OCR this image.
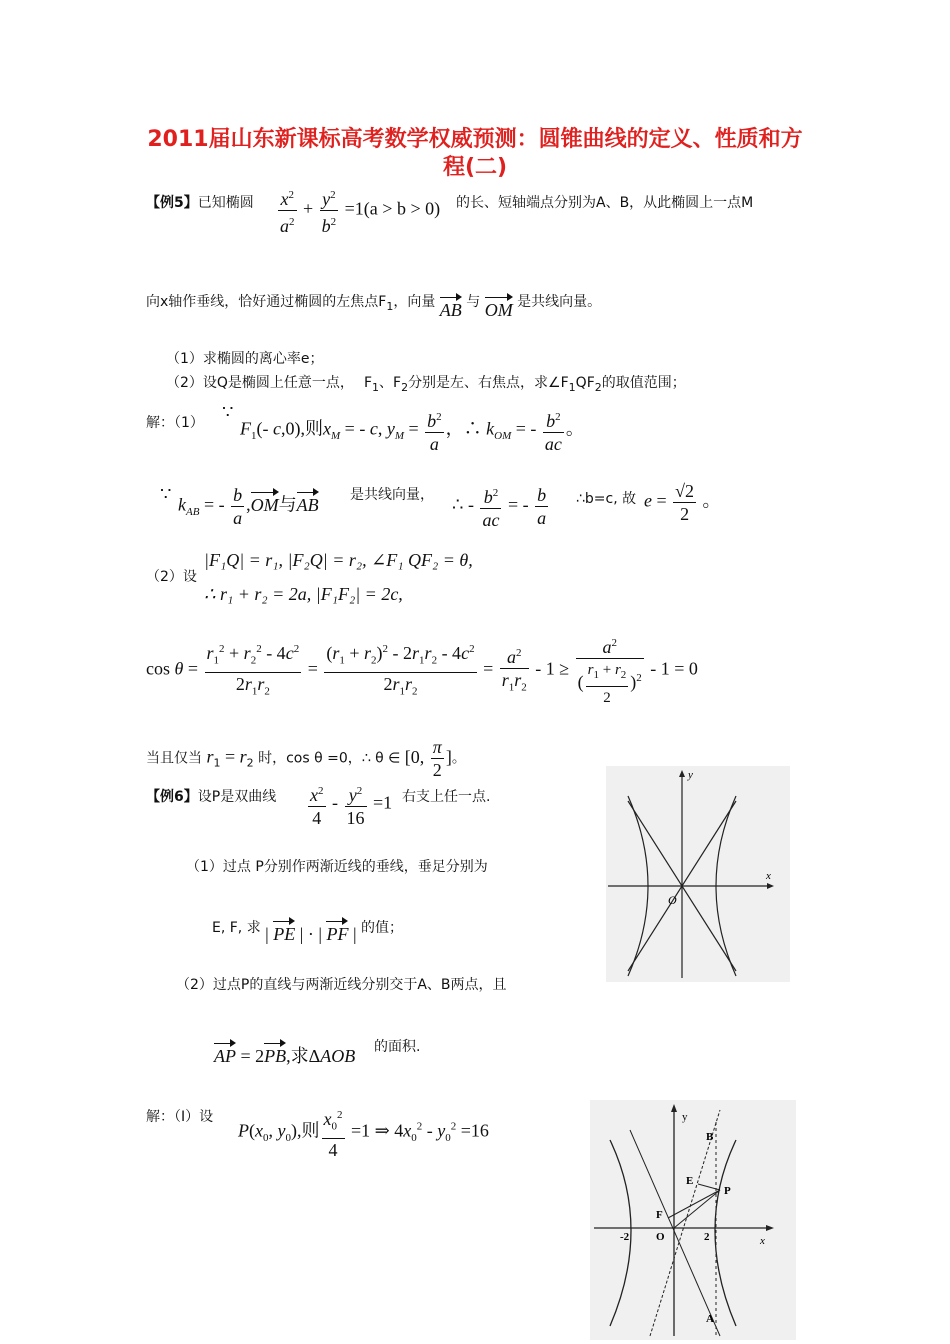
2011届山东新课标高考数学权威预测：圆锥曲线的定义、性质和方
程(二)
【例5】已知椭圆 $\frac{x^2}{a^2} + \frac{y^2}{b^2} =1(a > b > 0)$ 的长、短轴端点分别为A、B，从此椭圆上一点M
向x轴作垂线，恰好通过椭圆的左焦点$F_1$，向量 AB 与 OM 是共线向量。
（1）求椭圆的离心率e；
（2）设Q是椭圆上任意一点， $F_1$、$F_2$分别是左、右焦点，求$\angle F_1QF_2$的取值范围；
解：（1）
∵
$F_1(-$ c,0),则$x_M$ = - c, $y_M = \frac{b^2}{a}$ ，∴ $k_{OM}$ = - $\frac{b^2}{ac}$ 。
∵
$k_{AB}$ = - $\frac{b}{a} ,OM$与AB 是共线向量， ∴ - $\frac{b^2}{ac}$ = - $\frac{b}{a}$ ∴b=c, 故 $e = \frac{√2}{2}$ 。
（2）设
|F₁Q| = r₁, |F₂Q| = r₂, ∠F₁ QF₂ = θ,
∴ r₁ + r₂ = 2a, |F₁F₂| = 2c,
$\cos \theta = \frac{r_1^2 + r_2^2 - 4c^2}{2r_1r_2} = \frac{(r_1 + r_2)^2 - 2r_1r_2 - 4c^2}{2r_1r_2} = \frac{a^2}{r_1r_2} - 1 \ge \frac{a^2}{( \frac{r_1 + r_2}{2} )^2} - 1 = 0$
当且仅当 $r_1 = r_2$ 时，cos θ =0，∴ θ ∈ [0, $\frac{\pi}{2}$ ]。
【例6】设P是双曲线 $\frac{x^2}{4} - \frac{y^2}{16} =1$ 右支上任一点.
（1）过点 P分别作两渐近线的垂线，垂足分别为
E, F, 求 | PE | · | PF | 的值；
（2）过点P的直线与两渐近线分别交于A、B两点，且
AP = 2PB,求ΔAOB 的面积.
解：（I）设
$P(x_0$, $y_0$),则 $\frac{x_0^2}{4} =1$ ⇒ $4x_0^2 - y_0^2 =16$
x
y
O
B
E
P
F
O
-2	2
y
x
A
